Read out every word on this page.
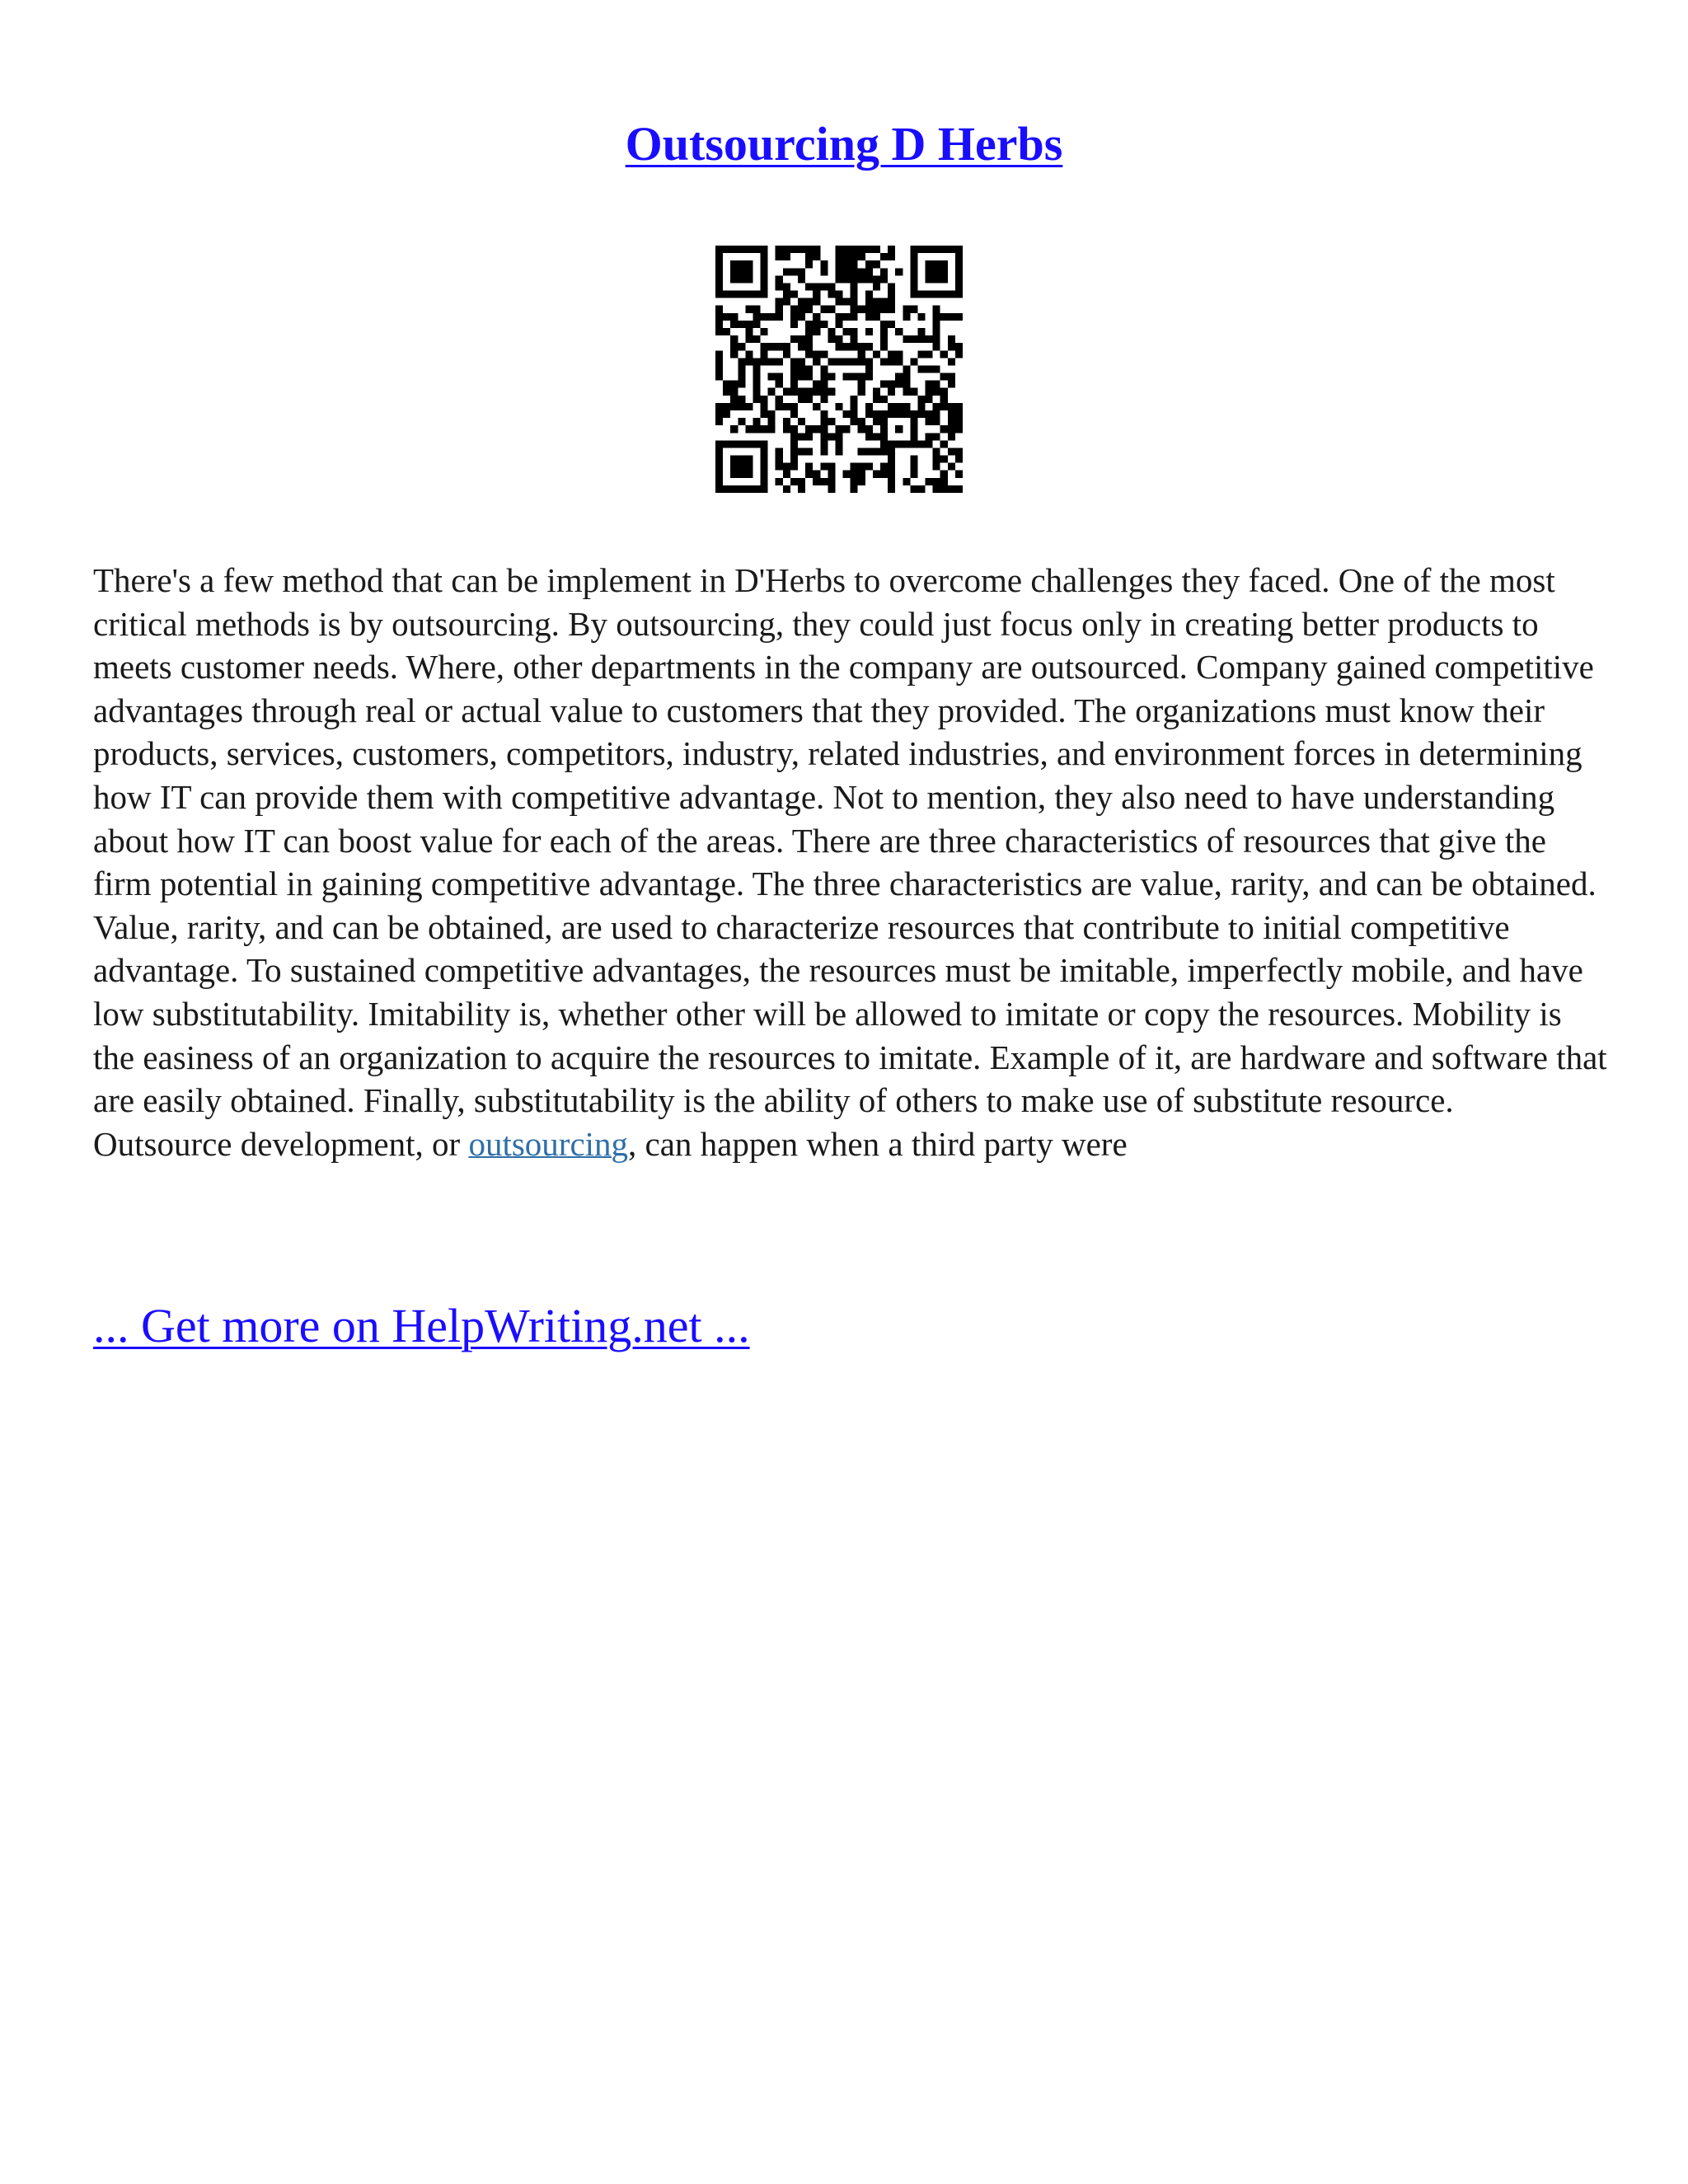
Outsourcing D Herbs

There's a few method that can be implement in D'Herbs to overcome challenges they faced. One of the most critical methods is by outsourcing. By outsourcing, they could just focus only in creating better products to meets customer needs. Where, other departments in the company are outsourced. Company gained competitive advantages through real or actual value to customers that they provided. The organizations must know their products, services, customers, competitors, industry, related industries, and environment forces in determining how IT can provide them with competitive advantage. Not to mention, they also need to have understanding about how IT can boost value for each of the areas. There are three characteristics of resources that give the firm potential in gaining competitive advantage. The three characteristics are value, rarity, and can be obtained.

Value, rarity, and can be obtained, are used to characterize resources that contribute to initial competitive advantage. To sustained competitive advantages, the resources must be imitable, imperfectly mobile, and have low substitutability. Imitability is, whether other will be allowed to imitate or copy the resources. Mobility is the easiness of an organization to acquire the resources to imitate. Example of it, are hardware and software that are easily obtained. Finally, substitutability is the ability of others to make use of substitute resource.

Outsource development, or outsourcing, can happen when a third party were

... Get more on HelpWriting.net ...
